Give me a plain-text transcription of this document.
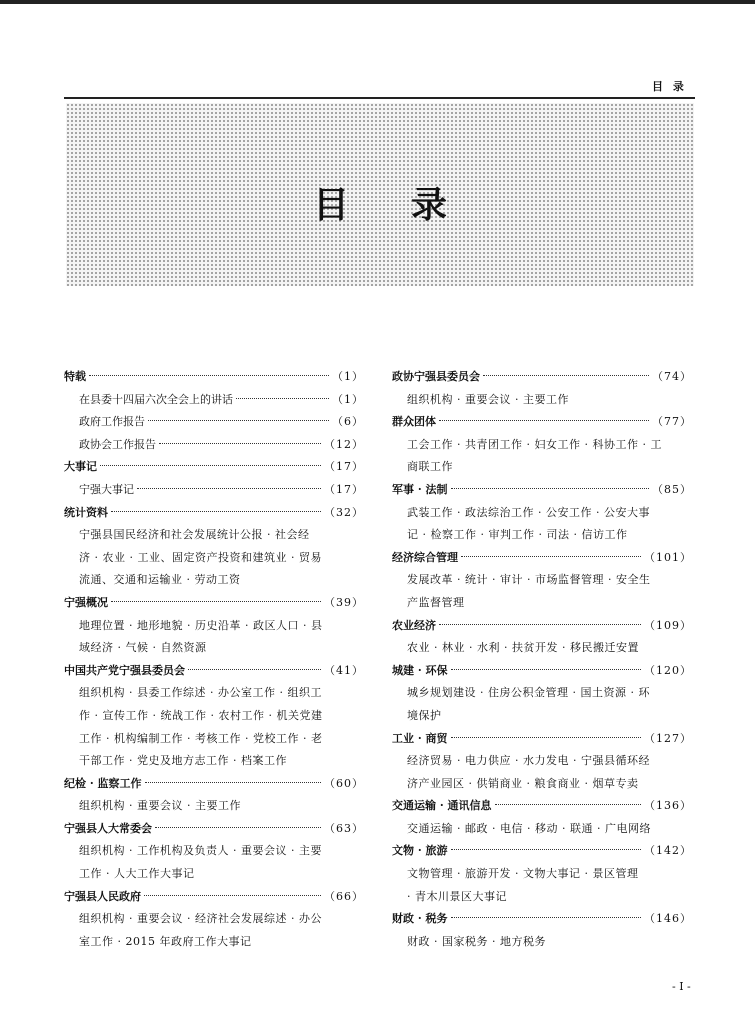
目 录
目录
特载	（1）
在县委十四届六次全会上的讲话	（1）
政府工作报告	（6）
政协会工作报告	（12）
大事记	（17）
宁强大事记	（17）
统计资料	（32）
宁强县国民经济和社会发展统计公报 · 社会经
济 · 农业 · 工业、固定资产投资和建筑业 · 贸易
流通、交通和运输业 · 劳动工资
宁强概况	（39）
地理位置 · 地形地貌 · 历史沿革 · 政区人口 · 县
域经济 · 气候 · 自然资源
中国共产党宁强县委员会	（41）
组织机构 · 县委工作综述 · 办公室工作 · 组织工
作 · 宣传工作 · 统战工作 · 农村工作 · 机关党建
工作 · 机构编制工作 · 考核工作 · 党校工作 · 老
干部工作 · 党史及地方志工作 · 档案工作
纪检 · 监察工作	（60）
组织机构 · 重要会议 · 主要工作
宁强县人大常委会	（63）
组织机构 · 工作机构及负责人 · 重要会议 · 主要
工作 · 人大工作大事记
宁强县人民政府	（66）
组织机构 · 重要会议 · 经济社会发展综述 · 办公
室工作 · 2015 年政府工作大事记
政协宁强县委员会	（74）
组织机构 · 重要会议 · 主要工作
群众团体	（77）
工会工作 · 共青团工作 · 妇女工作 · 科协工作 · 工
商联工作
军事 · 法制	（85）
武装工作 · 政法综治工作 · 公安工作 · 公安大事
记 · 检察工作 · 审判工作 · 司法 · 信访工作
经济综合管理	（101）
发展改革 · 统计 · 审计 · 市场监督管理 · 安全生
产监督管理
农业经济	（109）
农业 · 林业 · 水利 · 扶贫开发 · 移民搬迁安置
城建 · 环保	（120）
城乡规划建设 · 住房公积金管理 · 国土资源 · 环
境保护
工业 · 商贸	（127）
经济贸易 · 电力供应 · 水力发电 · 宁强县循环经
济产业园区 · 供销商业 · 粮食商业 · 烟草专卖
交通运输 · 通讯信息	（136）
交通运输 · 邮政 · 电信 · 移动 · 联通 · 广电网络
文物 · 旅游	（142）
文物管理 · 旅游开发 · 文物大事记 · 景区管理
· 青木川景区大事记
财政 · 税务	（146）
财政 · 国家税务 · 地方税务
- I -
